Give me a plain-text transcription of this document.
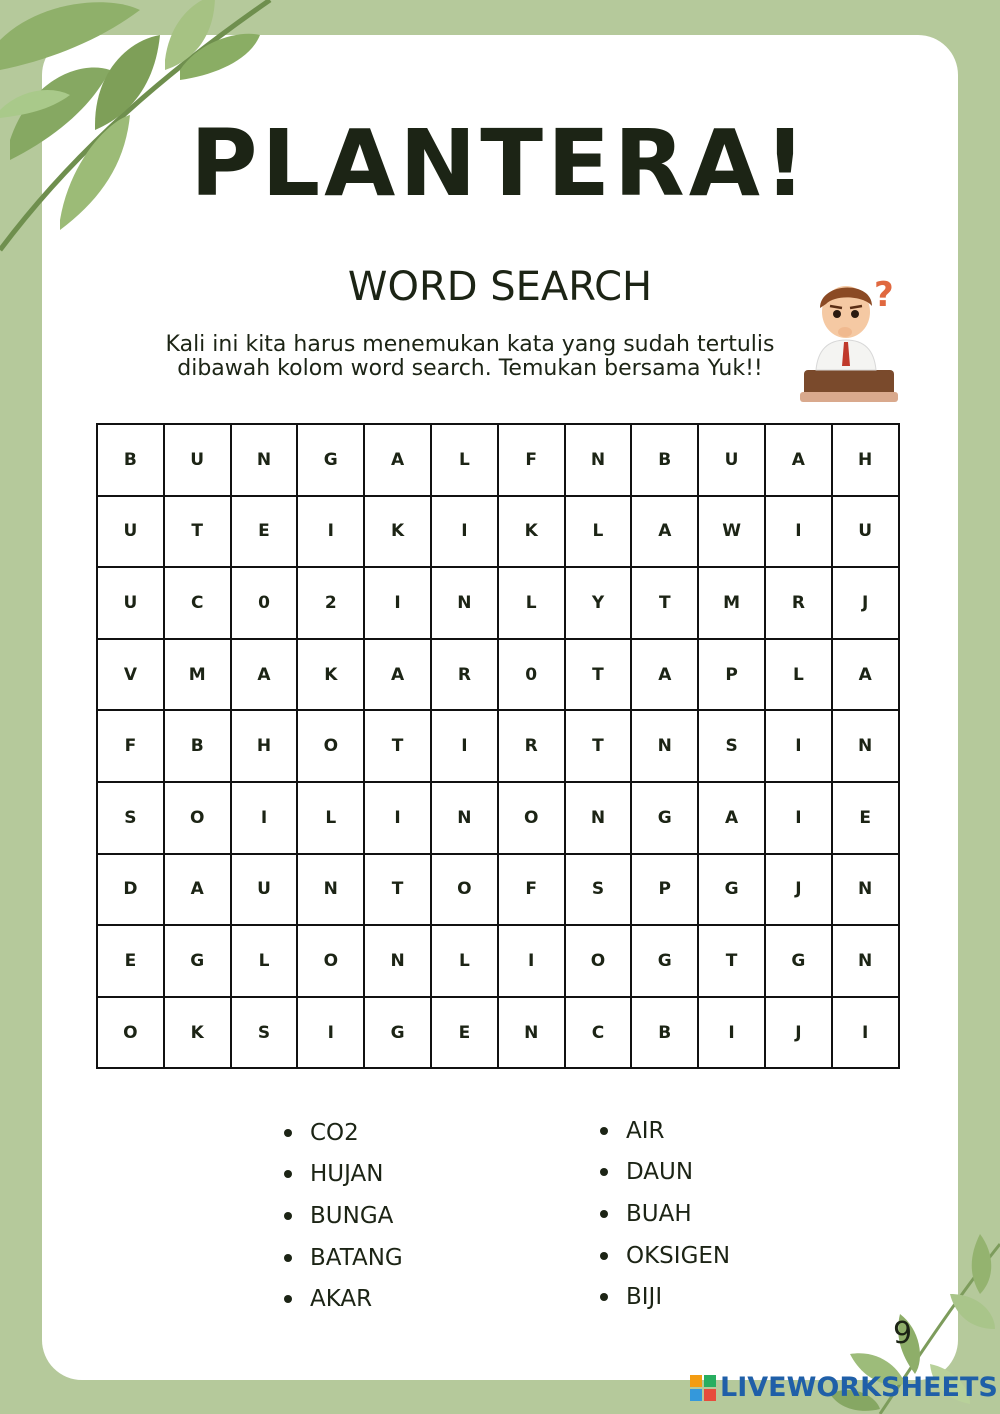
PLANTERA!
WORD SEARCH
Kali ini kita harus menemukan kata yang sudah tertulis
dibawah kolom word search. Temukan bersama Yuk!!
?
B	U	N	G	A	L	F	N	B	U	A	H
U	T	E	I	K	I	K	L	A	W	I	U
U	C	0	2	I	N	L	Y	T	M	R	J
V	M	A	K	A	R	0	T	A	P	L	A
F	B	H	O	T	I	R	T	N	S	I	N
S	O	I	L	I	N	O	N	G	A	I	E
D	A	U	N	T	O	F	S	P	G	J	N
E	G	L	O	N	L	I	O	G	T	G	N
O	K	S	I	G	E	N	C	B	I	J	I
CO2
HUJAN
BUNGA
BATANG
AKAR
AIR
DAUN
BUAH
OKSIGEN
BIJI
9
LIVEWORKSHEETS
